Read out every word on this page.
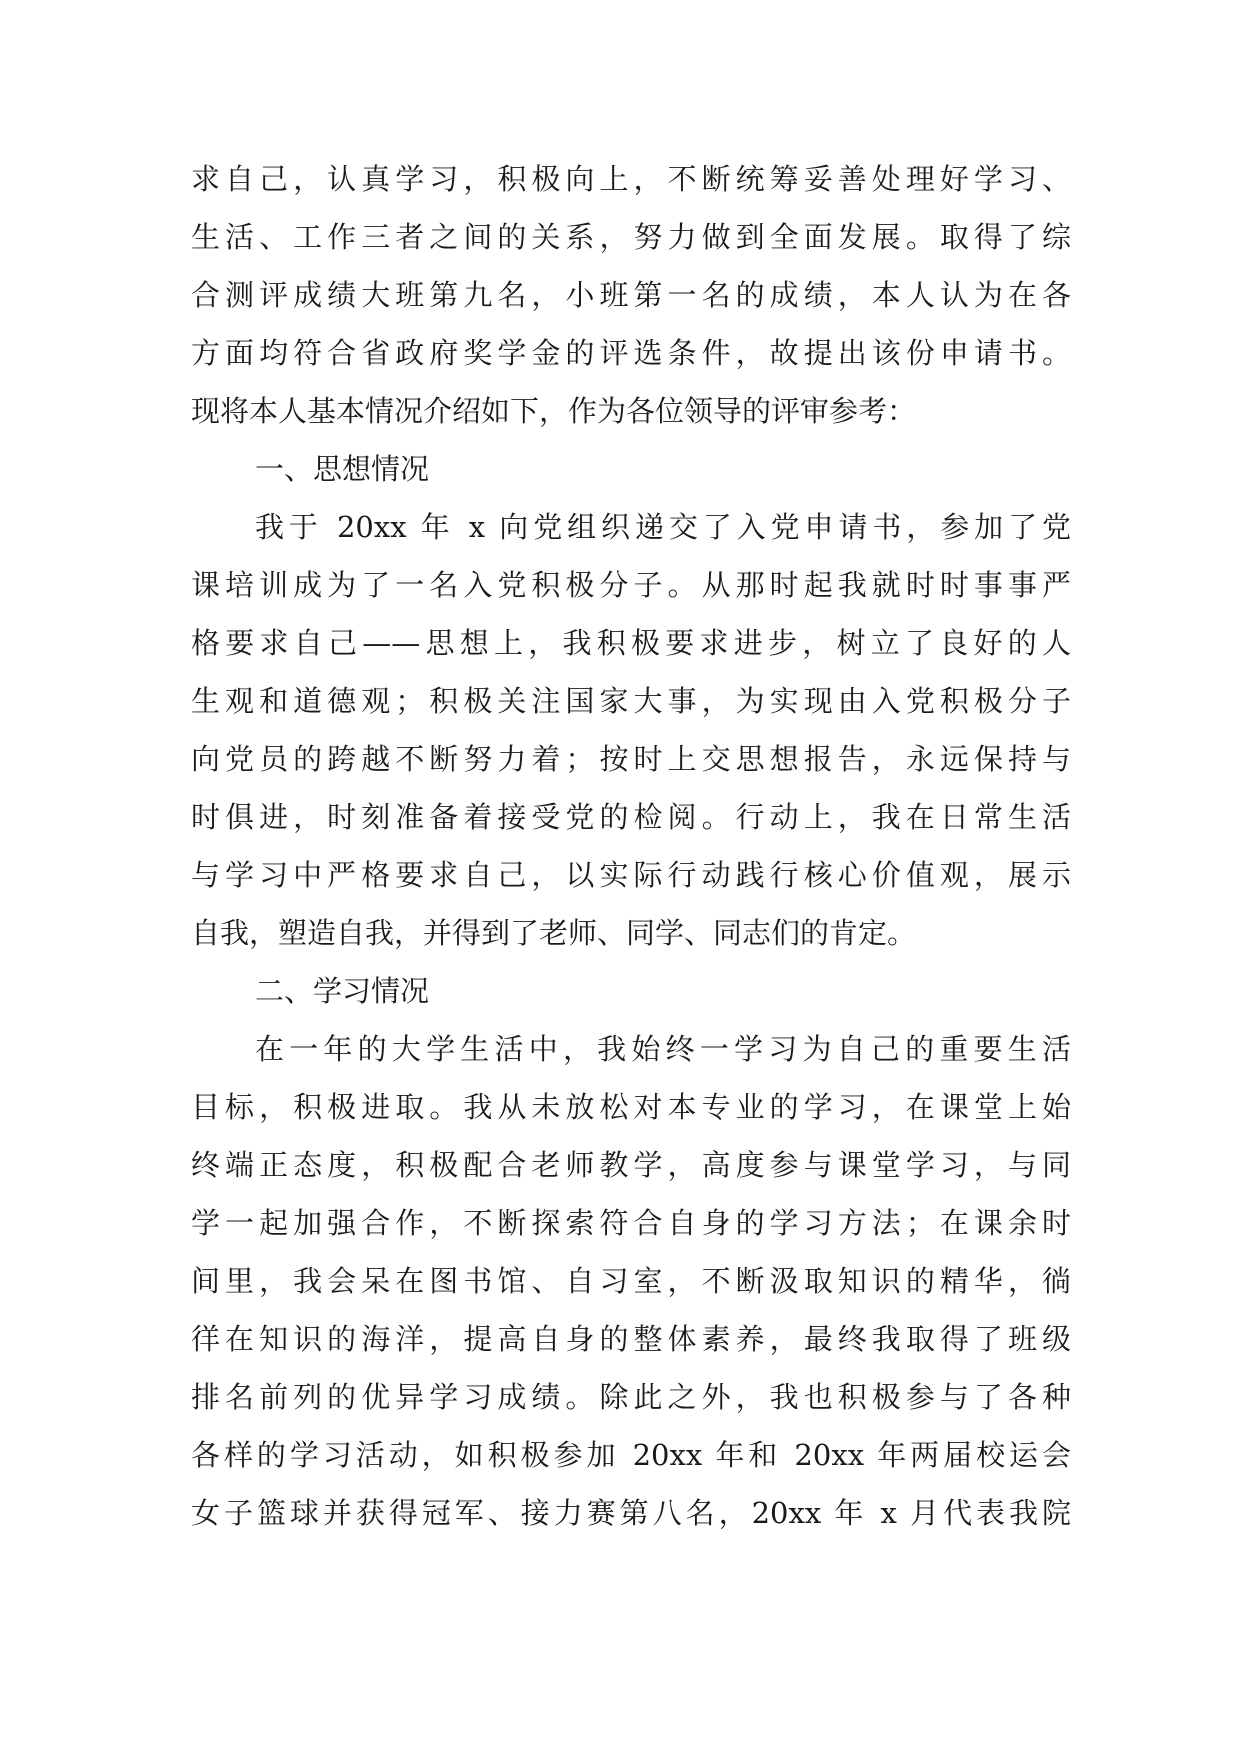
求自己，认真学习，积极向上，不断统筹妥善处理好学习、
生活、工作三者之间的关系，努力做到全面发展。取得了综
合测评成绩大班第九名，小班第一名的成绩，本人认为在各
方面均符合省政府奖学金的评选条件，故提出该份申请书。
现将本人基本情况介绍如下，作为各位领导的评审参考：
一、思想情况
我于 20xx 年 x 向党组织递交了入党申请书，参加了党
课培训成为了一名入党积极分子。从那时起我就时时事事严
格要求自己——思想上，我积极要求进步，树立了良好的人
生观和道德观；积极关注国家大事，为实现由入党积极分子
向党员的跨越不断努力着；按时上交思想报告，永远保持与
时俱进，时刻准备着接受党的检阅。行动上，我在日常生活
与学习中严格要求自己，以实际行动践行核心价值观，展示
自我，塑造自我，并得到了老师、同学、同志们的肯定。
二、学习情况
在一年的大学生活中，我始终一学习为自己的重要生活
目标，积极进取。我从未放松对本专业的学习，在课堂上始
终端正态度，积极配合老师教学，高度参与课堂学习，与同
学一起加强合作，不断探索符合自身的学习方法；在课余时
间里，我会呆在图书馆、自习室，不断汲取知识的精华，徜
徉在知识的海洋，提高自身的整体素养，最终我取得了班级
排名前列的优异学习成绩。除此之外，我也积极参与了各种
各样的学习活动，如积极参加 20xx 年和 20xx 年两届校运会
女子篮球并获得冠军、接力赛第八名，20xx 年 x 月代表我院
